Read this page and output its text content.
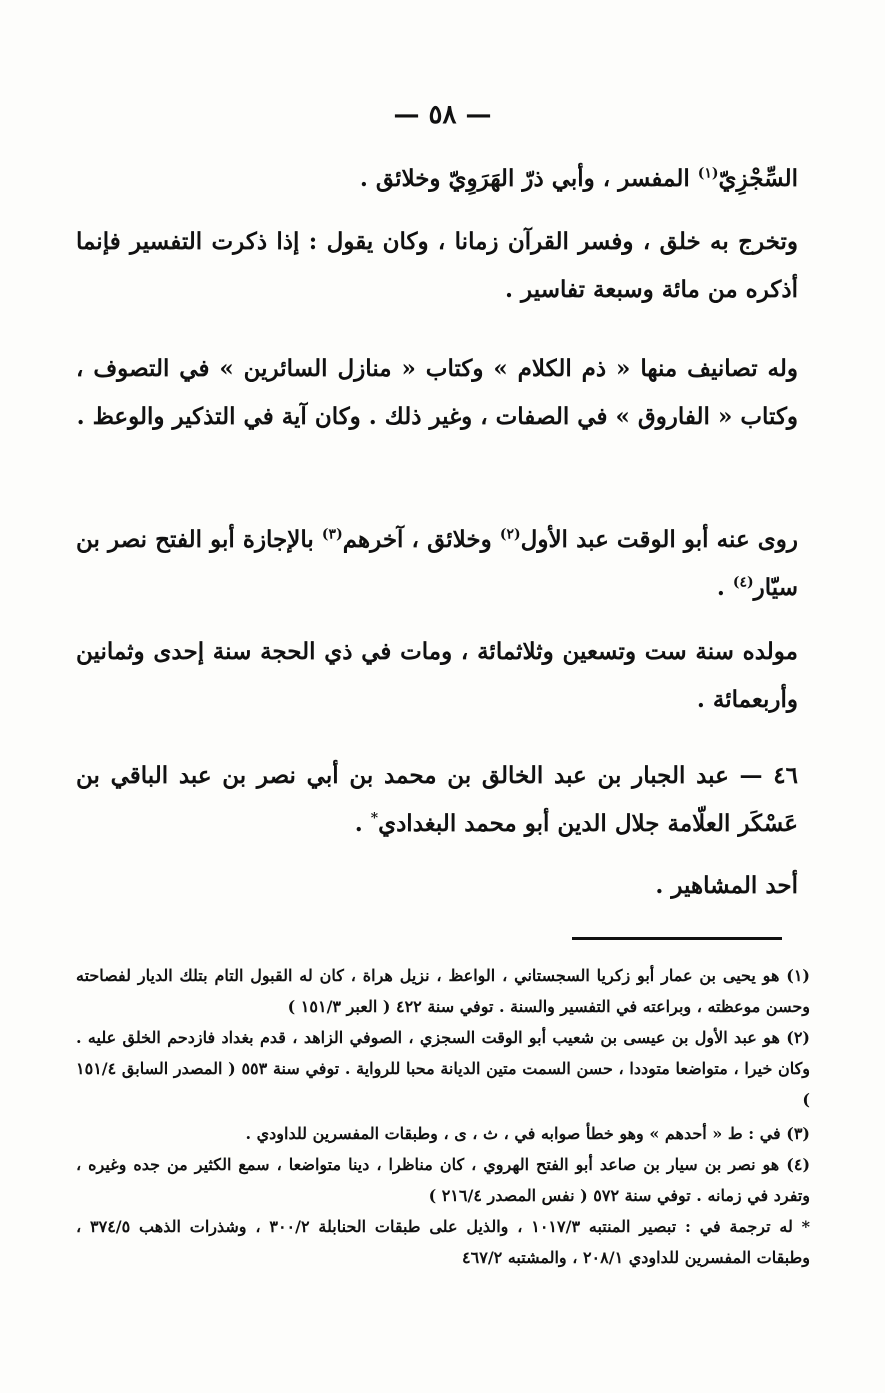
— ٥٨ —

السِّجْزِيّ$^{(١)}$ المفسر ، وأبي ذرّ الهَرَوِيّ وخلائق .

وتخرج به خلق ، وفسر القرآن زمانا ، وكان يقول : إذا ذكرت التفسير فإنما أذكره من مائة وسبعة تفاسير .

وله تصانيف منها « ذم الكلام » وكتاب « منازل السائرين » في التصوف ، وكتاب « الفاروق » في الصفات ، وغير ذلك . وكان آية في التذكير والوعظ .

روى عنه أبو الوقت عبد الأول$^{(٢)}$ وخلائق ، آخرهم$^{(٣)}$ بالإجازة أبو الفتح نصر بن سيّار$^{(٤)}$ .

مولده سنة ست وتسعين وثلاثمائة ، ومات في ذي الحجة سنة إحدى وثمانين وأربعمائة .

٤٦ — عبد الجبار بن عبد الخالق بن محمد بن أبي نصر بن عبد الباقي بن عَسْكَر العلّامة جلال الدين أبو محمد البغدادي* .

أحد المشاهير .

(١) هو يحيى بن عمار أبو زكريا السجستاني ، الواعظ ، نزيل هراة ، كان له القبول التام بتلك الديار لفصاحته وحسن موعظته ، وبراعته في التفسير والسنة . توفي سنة ٤٢٢ ( العبر ١٥١/٣ )

(٢) هو عبد الأول بن عيسى بن شعيب أبو الوقت السجزي ، الصوفي الزاهد ، قدم بغداد فازدحم الخلق عليه . وكان خيرا ، متواضعا متوددا ، حسن السمت متين الديانة محبا للرواية . توفي سنة ٥٥٣ ( المصدر السابق ١٥١/٤ )

(٣) في : ط « أحدهم » وهو خطأ صوابه في ، ث ، ى ، وطبقات المفسرين للداودي .

(٤) هو نصر بن سيار بن صاعد أبو الفتح الهروي ، كان مناظرا ، دينا متواضعا ، سمع الكثير من جده وغيره ، وتفرد في زمانه . توفي سنة ٥٧٢ ( نفس المصدر ٢١٦/٤ )

* له ترجمة في : تبصير المنتبه ١٠١٧/٣ ، والذيل على طبقات الحنابلة ٣٠٠/٢ ، وشذرات الذهب ٣٧٤/٥ ، وطبقات المفسرين للداودي ٢٠٨/١ ، والمشتبه ٤٦٧/٢
